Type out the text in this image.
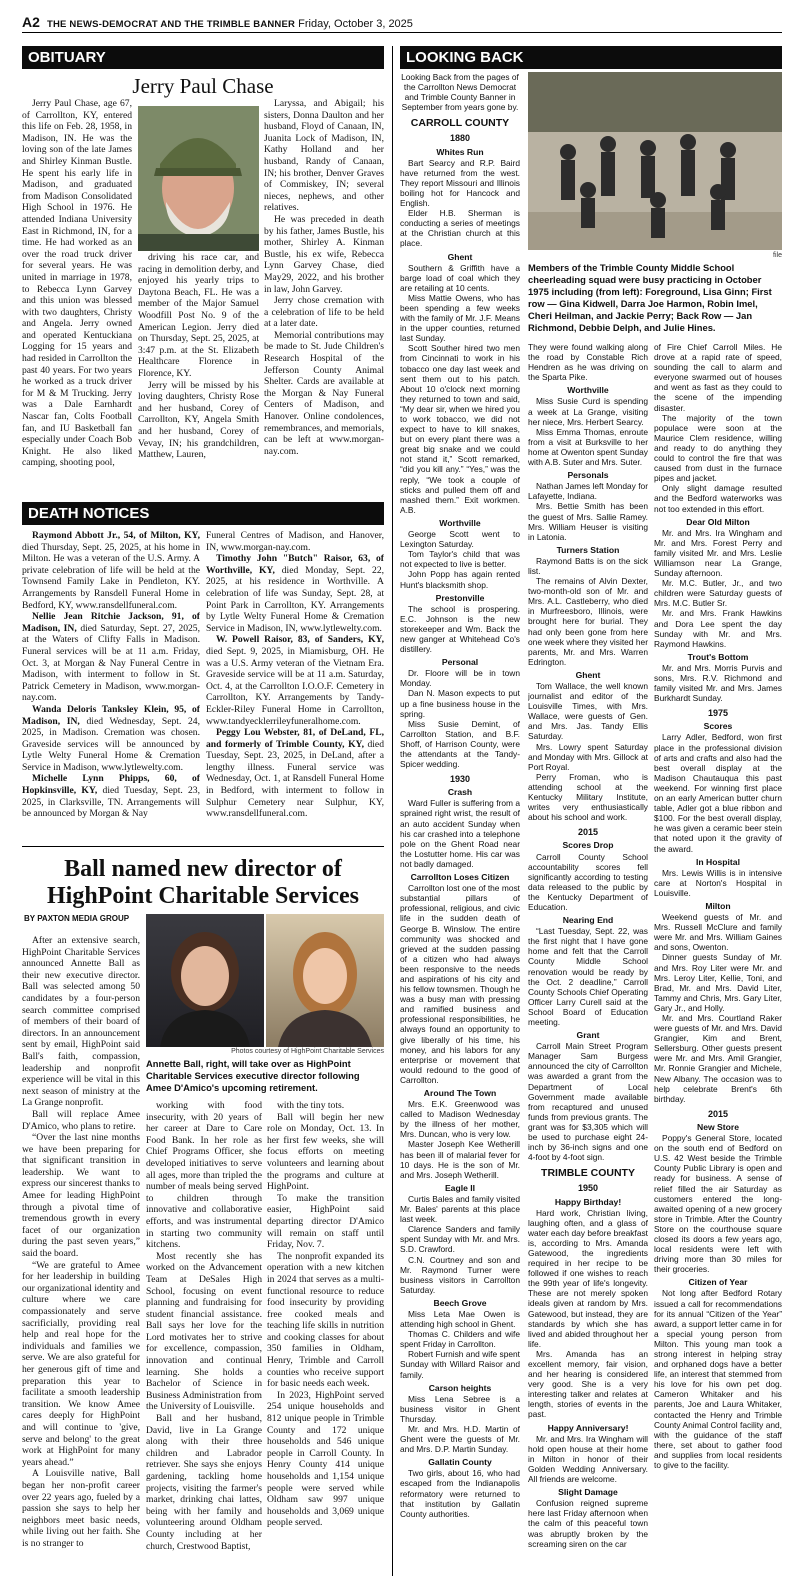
A2 THE NEWS-DEMOCRAT AND THE TRIMBLE BANNER Friday, October 3, 2025
OBITUARY
Jerry Paul Chase

Jerry Paul Chase, age 67, of Carrollton, KY, entered this life on Feb. 28, 1958, in Madison, IN. He was the loving son of the late James and Shirley Kinman Bustle. He spent his early life in Madison, and graduated from Madison Consolidated High School in 1976. He attended Indiana University East in Richmond, IN, for a time. He had worked as an over the road truck driver for several years. He was united in marriage in 1978, to Rebecca Lynn Garvey and this union was blessed with two daughters, Christy and Angela. Jerry owned and operated Kentuckiana Logging for 15 years and had resided in Carrollton the past 40 years. For two years he worked as a truck driver for M & M Trucking. Jerry was a Dale Earnhardt Nascar fan, Colts Football fan, and IU Basketball fan especially under Coach Bob Knight. He also liked camping, shooting pool,

driving his race car, and racing in demolition derby, and enjoyed his yearly trips to Daytona Beach, FL. He was a member of the Major Samuel Woodfill Post No. 9 of the American Legion. Jerry died on Thursday, Sept. 25, 2025, at 3:47 p.m. at the St. Elizabeth Healthcare Florence in Florence, KY.

Jerry will be missed by his loving daughters, Christy Rose and her husband, Corey of Carrollton, KY, Angela Smith and her husband, Corey of Vevay, IN; his grandchildren, Matthew, Lauren,

Laryssa, and Abigail; his sisters, Donna Daulton and her husband, Floyd of Canaan, IN, Juanita Lock of Madison, IN, Kathy Holland and her husband, Randy of Canaan, IN; his brother, Denver Graves of Commiskey, IN; several nieces, nephews, and other relatives.

He was preceded in death by his father, James Bustle, his mother, Shirley A. Kinman Bustle, his ex wife, Rebecca Lynn Garvey Chase, died May29, 2022, and his brother in law, John Garvey.

Jerry chose cremation with a celebration of life to be held at a later date.

Memorial contributions may be made to St. Jude Children's Research Hospital of the Jefferson County Animal Shelter. Cards are available at the Morgan & Nay Funeral Centers of Madison, and Hanover. Online condolences, remembrances, and memorials, can be left at www.morgan-nay.com.

DEATH NOTICES

Raymond Abbott Jr., 54, of Milton, KY, died Thursday, Sept. 25, 2025, at his home in Milton. He was a veteran of the U.S. Army. A private celebration of life will be held at the Townsend Family Lake in Pendleton, KY. Arrangements by Ransdell Funeral Home in Bedford, KY, www.ransdellfuneral.com.

Nellie Jean Ritchie Jackson, 91, of Madison, IN, died Saturday, Sept. 27, 2025, at the Waters of Clifty Falls in Madison. Funeral services will be at 11 a.m. Friday, Oct. 3, at Morgan & Nay Funeral Centre in Madison, with interment to follow in St. Patrick Cemetery in Madison, www.morgan-nay.com.

Wanda Deloris Tanksley Klein, 95, of Madison, IN, died Wednesday, Sept. 24, 2025, in Madison. Cremation was chosen. Graveside services will be announced by Lytle Welty Funeral Home & Cremation Service in Madison, www.lytlewelty.com.

Michelle Lynn Phipps, 60, of Hopkinsville, KY, died Tuesday, Sept. 23, 2025, in Clarksville, TN. Arrangements will be announced by Morgan & Nay

Funeral Centres of Madison, and Hanover, IN, www.morgan-nay.com.

Timothy John "Butch" Raisor, 63, of Worthville, KY, died Monday, Sept. 22, 2025, at his residence in Worthville. A celebration of life was Sunday, Sept. 28, at Point Park in Carrollton, KY. Arrangements by Lytle Welty Funeral Home & Cremation Service in Madison, IN, www.lytlewelty.com.

W. Powell Raisor, 83, of Sanders, KY, died Sept. 9, 2025, in Miamisburg, OH. He was a U.S. Army veteran of the Vietnam Era. Graveside service will be at 11 a.m. Saturday, Oct. 4, at the Carrollton I.O.O.F. Cemetery in Carrollton, KY. Arrangements by Tandy-Eckler-Riley Funeral Home in Carrollton, www.tandyecklerrileyfuneralhome.com.

Peggy Lou Webster, 81, of DeLand, FL, and formerly of Trimble County, KY, died Tuesday, Sept. 23, 2025, in DeLand, after a lengthy illness. Funeral service was Wednesday, Oct. 1, at Ransdell Funeral Home in Bedford, with interment to follow in Sulphur Cemetery near Sulphur, KY, www.ransdellfuneral.com.

Ball named new director of HighPoint Charitable Services
BY PAXTON MEDIA GROUP
Photos courtesy of HighPoint Charitable Services
Annette Ball, right, will take over as HighPoint Charitable Services executive director following Amee D'Amico's upcoming retirement.

After an extensive search, HighPoint Charitable Services announced Annette Ball as their new executive director. Ball was selected among 50 candidates by a four-person search committee comprised of members of their board of directors. In an announcement sent by email, HighPoint said Ball's faith, compassion, leadership and nonprofit experience will be vital in this next season of ministry at the La Grange nonprofit.

Ball will replace Amee D'Amico, who plans to retire.

“Over the last nine months we have been preparing for that significant transition in leadership. We want to express our sincerest thanks to Amee for leading HighPoint through a pivotal time of tremendous growth in every facet of our organization during the past seven years,” said the board.

“We are grateful to Amee for her leadership in building our organizational identity and culture where we care compassionately and serve sacrificially, providing real help and real hope for the individuals and families we serve. We are also grateful for her generous gift of time and preparation this year to facilitate a smooth leadership transition. We know Amee cares deeply for HighPoint and will continue to 'give, serve and belong' to the great work at HighPoint for many years ahead.”

A Louisville native, Ball began her non-profit career over 22 years ago, fueled by a passion she says to help her neighbors meet basic needs, while living out her faith. She is no stranger to

working with food insecurity, with 20 years of her career at Dare to Care Food Bank. In her role as Chief Programs Officer, she developed initiatives to serve all ages, more than tripled the number of meals being served to children through innovative and collaborative efforts, and was instrumental in starting two community kitchens.

Most recently she has worked on the Advancement Team at DeSales High School, focusing on event planning and fundraising for student financial assistance. Ball says her love for the Lord motivates her to strive for excellence, compassion, innovation and continual learning. She holds a Bachelor of Science in Business Administration from the University of Louisville.

Ball and her husband, David, live in La Grange along with their three children and Labrador retriever. She says she enjoys gardening, tackling home projects, visiting the farmer's market, drinking chai lattes, being with her family and volunteering around Oldham County including at her church, Crestwood Baptist,

with the tiny tots.

Ball will begin her new role on Monday, Oct. 13. In her first few weeks, she will focus efforts on meeting volunteers and learning about the programs and culture at HighPoint.

To make the transition easier, HighPoint said departing director D'Amico will remain on staff until Friday, Nov. 7.

The nonprofit expanded its operation with a new kitchen in 2024 that serves as a multi-functional resource to reduce food insecurity by providing free cooked meals and teaching life skills in nutrition and cooking classes for about 350 families in Oldham, Henry, Trimble and Carroll counties who receive support for basic needs each week.

In 2023, HighPoint served 254 unique households and 812 unique people in Trimble County and 172 unique households and 546 unique people in Carroll County. In Henry County 414 unique households and 1,154 unique people were served while Oldham saw 997 unique households and 3,069 unique people served.

LOOKING BACK
file
Members of the Trimble County Middle School cheerleading squad were busy practicing in October 1975 including (from left): Foreground, Lisa Ginn; First row — Gina Kidwell, Darra Joe Harmon, Robin Imel, Cheri Heilman, and Jackie Perry; Back Row — Jan Richmond, Debbie Delph, and Julie Hines.

Looking Back from the pages of the Carrollton News Democrat and Trimble County Banner in September from years gone by.

CARROLL COUNTY
1880
Whites Run

Bart Searcy and R.P. Baird have returned from the west. They report Missouri and Illinois boiling hot for Hancock and English.

Elder H.B. Sherman is conducting a series of meetings at the Christian church at this place.

Ghent

Southern & Griffith have a barge load of coal which they are retailing at 10 cents.

Miss Mattie Owens, who has been spending a few weeks with the family of Mr. J.F. Means in the upper counties, returned last Sunday.

Scott Souther hired two men from Cincinnati to work in his tobacco one day last week and sent them out to his patch. About 10 o'clock next morning they returned to town and said, “My dear sir, when we hired you to work tobacco, we did not expect to have to kill snakes, but on every plant there was a great big snake and we could not stand it,” Scott remarked, “did you kill any.” “Yes,” was the reply, “We took a couple of sticks and pulled them off and mashed them.” Exit workmen. A.B.

Worthville

George Scott went to Lexington Saturday.

Tom Taylor's child that was not expected to live is better.

John Popp has again rented Hunt's blacksmith shop.

Prestonville

The school is prospering. E.C. Johnson is the new storekeeper and Wm. Back the new ganger at Whitehead Co's distillery.

Personal

Dr. Floore will be in town Monday.

Dan N. Mason expects to put up a fine business house in the spring.

Miss Susie Demint, of Carrollton Station, and B.F. Shoff, of Harrison County, were the attendants at the Tandy-Spicer wedding.

1930
Crash

Ward Fuller is suffering from a sprained right wrist, the result of an auto accident Sunday when his car crashed into a telephone pole on the Ghent Road near the Lostutter home. His car was not badly damaged.

Carrollton Loses Citizen

Carrollton lost one of the most substantial pillars of professional, religious, and civic life in the sudden death of George B. Winslow. The entire community was shocked and grieved at the sudden passing of a citizen who had always been responsive to the needs and aspirations of his city and his fellow townsmen. Though he was a busy man with pressing and ramified business and professional responsibilities, he always found an opportunity to give liberally of his time, his money, and his labors for any enterprise or movement that would redound to the good of Carrollton.

Around The Town

Mrs. E.K. Greenwood was called to Madison Wednesday by the illness of her mother, Mrs. Duncan, who is very low.

Master Joseph Kee Wetherill has been ill of malarial fever for 10 days. He is the son of Mr. and Mrs. Joseph Wetherill.

Eagle II

Curtis Bales and family visited Mr. Bales' parents at this place last week.

Clarence Sanders and family spent Sunday with Mr. and Mrs. S.D. Crawford.

C.N. Courtney and son and Mr. Raymond Turner were business visitors in Carrollton Saturday.

Beech Grove

Miss Leta Mae Owen is attending high school in Ghent.

Thomas C. Childers and wife spent Friday in Carrollton.

Robert Furnish and wife spent Sunday with Willard Raisor and family.

Carson heights

Miss Lena Sebree is a business visitor in Ghent Thursday.

Mr. and Mrs. H.D. Martin of Ghent were the guests of Mr. and Mrs. D.P. Martin Sunday.

Gallatin County

Two girls, about 16, who had escaped from the Indianapolis reformatory were returned to that institution by Gallatin County authorities.

They were found walking along the road by Constable Rich Hendren as he was driving on the Sparta Pike.

Worthville

Miss Susie Curd is spending a week at La Grange, visiting her niece, Mrs. Herbert Searcy.

Miss Emma Thomas, enroute from a visit at Burksville to her home at Owenton spent Sunday with A.B. Suter and Mrs. Suter.

Personals

Nathan James left Monday for Lafayette, Indiana.

Mrs. Bettie Smith has been the guest of Mrs. Sallie Ramey. Mrs. William Heuser is visiting in Latonia.

Turners Station

Raymond Batts is on the sick list.

The remains of Alvin Dexter, two-month-old son of Mr. and Mrs. A.L. Castleberry, who died in Murfreesboro, Illinois, were brought here for burial. They had only been gone from here one week where they visited her parents, Mr. and Mrs. Warren Edrington.

Ghent

Tom Wallace, the well known journalist and editor of the Louisville Times, with Mrs. Wallace, were guests of Gen. and Mrs. Jas. Tandy Ellis Saturday.

Mrs. Lowry spent Saturday and Monday with Mrs. Gillock at Port Royal.

Perry Froman, who is attending school at the Kentucky Military Institute, writes very enthusiastically about his school and work.

2015
Scores Drop

Carroll County School accountability scores fell significantly according to testing data released to the public by the Kentucky Department of Education.

Nearing End

“Last Tuesday, Sept. 22, was the first night that I have gone home and felt that the Carroll County Middle School renovation would be ready by the Oct. 2 deadline,” Carroll County Schools Chief Operating Officer Larry Curell said at the School Board of Education meeting.

Grant

Carroll Main Street Program Manager Sam Burgess announced the city of Carrollton was awarded a grant from the Department of Local Government made available from recaptured and unused funds from previous grants. The grant was for $3,305 which will be used to purchase eight 24-inch by 36-inch signs and one 4-foot by 4-foot sign.

TRIMBLE COUNTY
1950
Happy Birthday!

Hard work, Christian living, laughing often, and a glass of water each day before breakfast is, according to Mrs. Amanda Gatewood, the ingredients required in her recipe to be followed if one wishes to reach the 99th year of life's longevity. These are not merely spoken ideals given at random by Mrs. Gatewood, but instead, they are standards by which she has lived and abided throughout her life.

Mrs. Amanda has an excellent memory, fair vision, and her hearing is considered very good. She is a very interesting talker and relates at length, stories of events in the past.

Happy Anniversary!

Mr. and Mrs. Ira Wingham will hold open house at their home in Milton in honor of their Golden Wedding Anniversary. All friends are welcome.

Slight Damage

Confusion reigned supreme here last Friday afternoon when the calm of this peaceful town was abruptly broken by the screaming siren on the car

of Fire Chief Carroll Miles. He drove at a rapid rate of speed, sounding the call to alarm and everyone swarmed out of houses and went as fast as they could to the scene of the impending disaster.

The majority of the town populace were soon at the Maurice Clem residence, willing and ready to do anything they could to control the fire that was caused from dust in the furnace pipes and jacket.

Only slight damage resulted and the Bedford waterworks was not too extended in this effort.

Dear Old Milton

Mr. and Mrs. Ira Wingham and Mr. and Mrs. Forest Perry and family visited Mr. and Mrs. Leslie Williamson near La Grange, Sunday afternoon.

Mr. M.C. Butler, Jr., and two children were Saturday guests of Mrs. M.C. Butler Sr.

Mr. and Mrs. Frank Hawkins and Dora Lee spent the day Sunday with Mr. and Mrs. Raymond Hawkins.

Trout's Bottom

Mr. and Mrs. Morris Purvis and sons, Mrs. R.V. Richmond and family visited Mr. and Mrs. James Burkhardt Sunday.

1975
Scores

Larry Adler, Bedford, won first place in the professional division of arts and crafts and also had the best overall display at the Madison Chautauqua this past weekend. For winning first place on an early American butter churn table, Adler got a blue ribbon and $100. For the best overall display, he was given a ceramic beer stein that noted upon it the gravity of the award.

In Hospital

Mrs. Lewis Willis is in intensive care at Norton's Hospital in Louisville.

Milton

Weekend guests of Mr. and Mrs. Russell McClure and family were Mr. and Mrs. William Gaines and sons, Owenton.

Dinner guests Sunday of Mr. and Mrs. Roy Liter were Mr. and Mrs. Leroy Liter, Kellie, Toni, and Brad, Mr. and Mrs. David Liter, Tammy and Chris, Mrs. Gary Liter, Gary Jr., and Holly.

Mr. and Mrs. Courtland Raker were guests of Mr. and Mrs. David Grangier, Kim and Brent, Sellersburg. Other guests present were Mr. and Mrs. Amil Grangier, Mr. Ronnie Grangier and Michele, New Albany. The occasion was to help celebrate Brent's 6th birthday.

2015
New Store

Poppy's General Store, located on the south end of Bedford on U.S. 42 West beside the Trimble County Public Library is open and ready for business. A sense of relief filled the air Saturday as customers entered the long-awaited opening of a new grocery store in Trimble. After the Country Store on the courthouse square closed its doors a few years ago, local residents were left with driving more than 30 miles for their groceries.

Citizen of Year

Not long after Bedford Rotary issued a call for recommendations for its annual “Citizen of the Year” award, a support letter came in for a special young person from Milton. This young man took a strong interest in helping stray and orphaned dogs have a better life, an interest that stemmed from his love for his own pet dog. Cameron Whitaker and his parents, Joe and Laura Whitaker, contacted the Henry and Trimble County Animal Control facility and, with the guidance of the staff there, set about to gather food and supplies from local residents to give to the facility.
